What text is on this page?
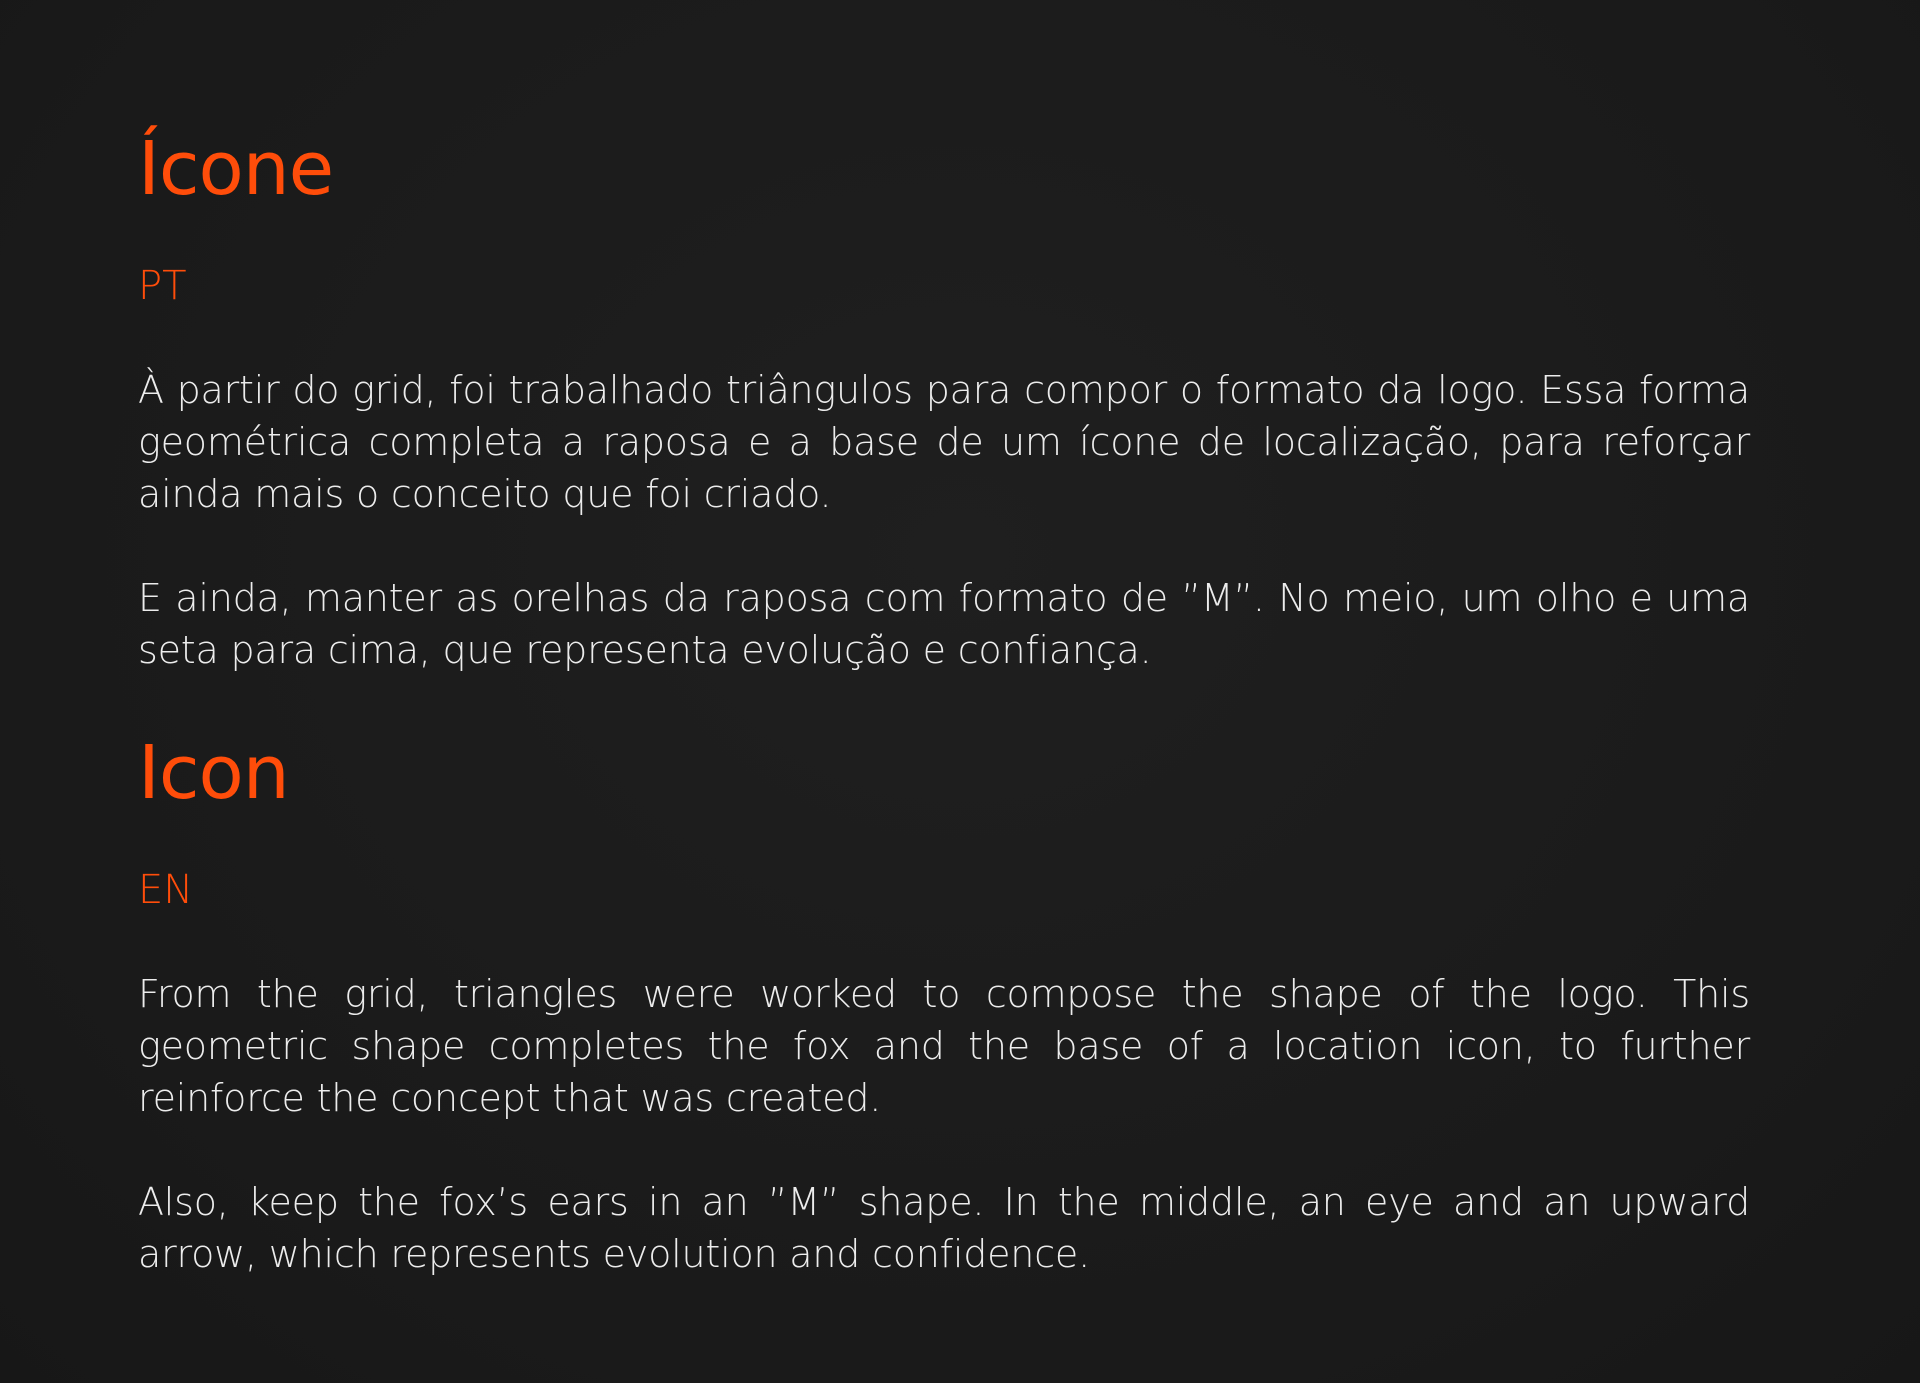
Ícone
PT

À partir do grid, foi trabalhado triângulos para compor o formato da logo. Essa forma geométrica completa a raposa e a base de um ícone de localização, para reforçar ainda mais o conceito que foi criado.

E ainda, manter as orelhas da raposa com formato de ”M”. No meio, um olho e uma seta para cima, que representa evolução e confiança.

Icon
EN

From the grid, triangles were worked to compose the shape of the logo. This geometric shape completes the fox and the base of a location icon, to further reinforce the concept that was created.

Also, keep the fox’s ears in an ”M” shape. In the middle, an eye and an upward arrow, which represents evolution and confidence.
